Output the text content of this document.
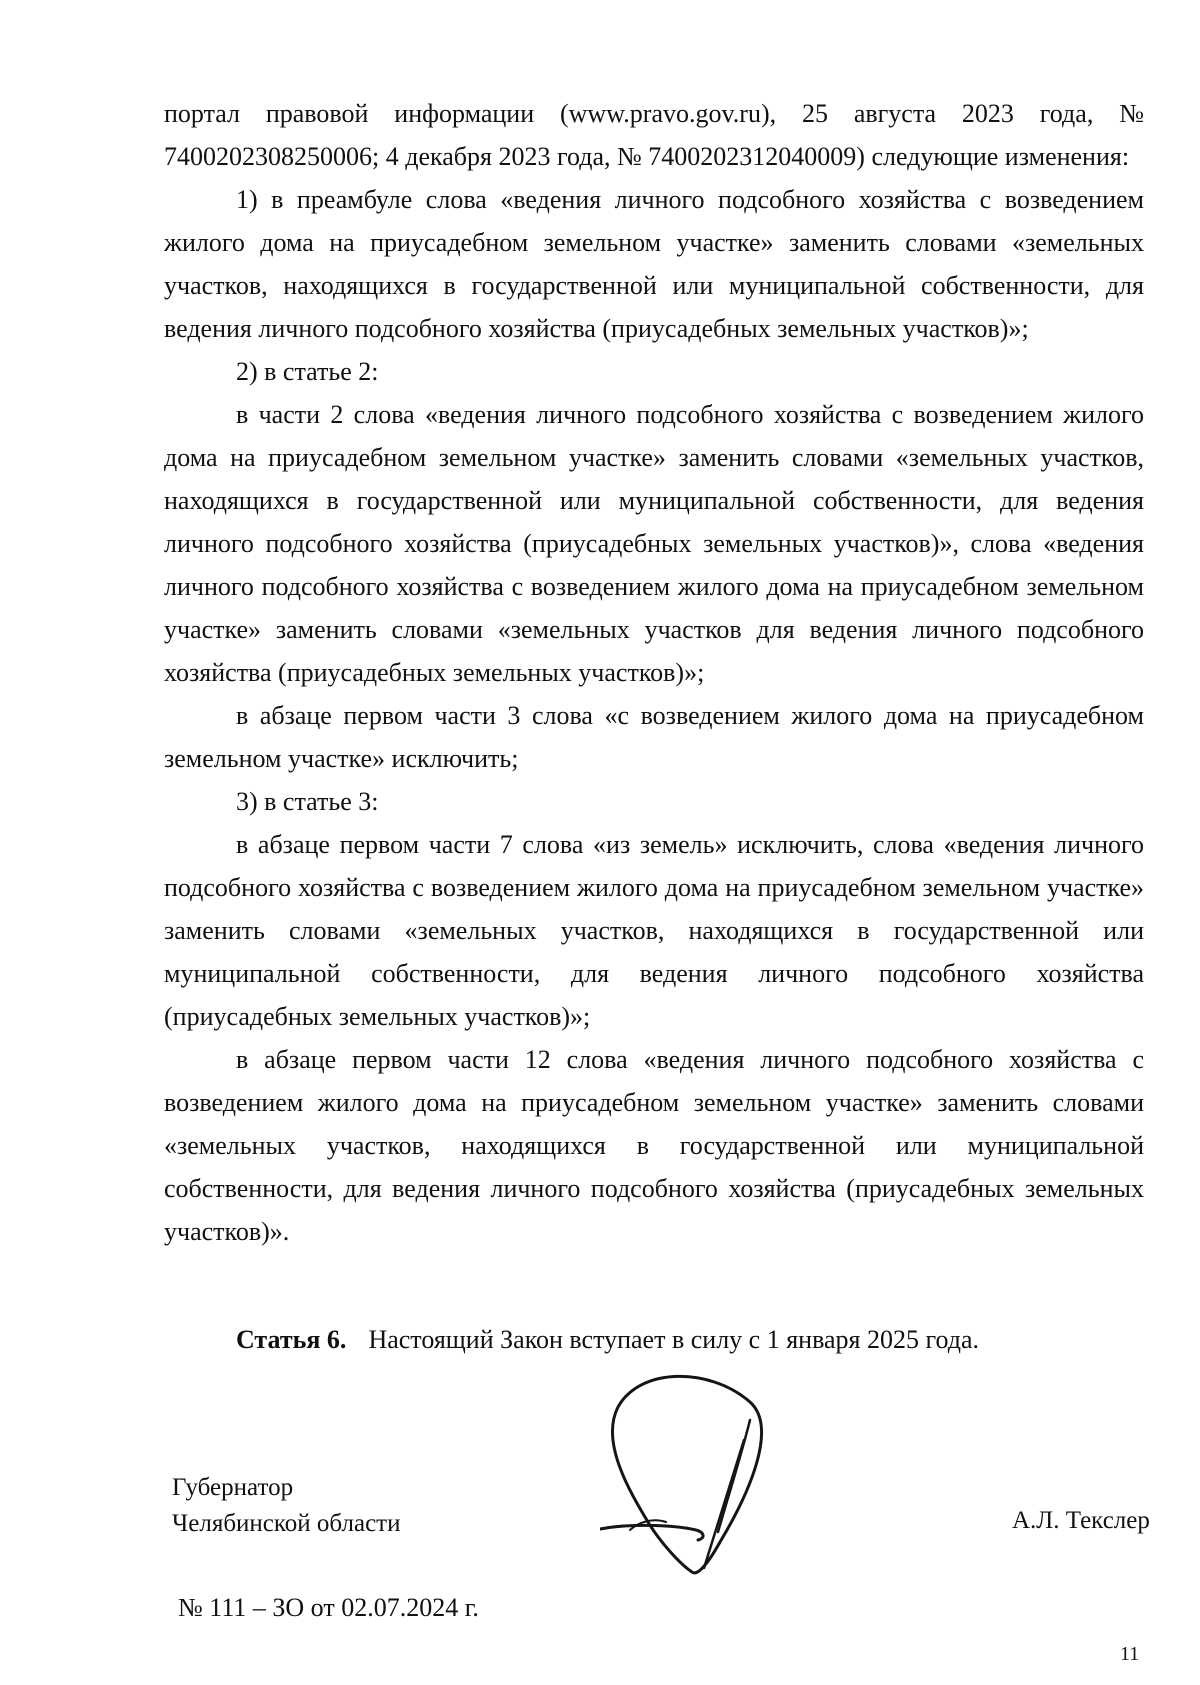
портал правовой информации (www.pravo.gov.ru), 25 августа 2023 года, № 7400202308250006; 4 декабря 2023 года, № 7400202312040009) следующие изменения:

1) в преамбуле слова «ведения личного подсобного хозяйства с возведением жилого дома на приусадебном земельном участке» заменить словами «земельных участков, находящихся в государственной или муниципальной собственности, для ведения личного подсобного хозяйства (приусадебных земельных участков)»;

2) в статье 2:

в части 2 слова «ведения личного подсобного хозяйства с возведением жилого дома на приусадебном земельном участке» заменить словами «земельных участков, находящихся в государственной или муниципальной собственности, для ведения личного подсобного хозяйства (приусадебных земельных участков)», слова «ведения личного подсобного хозяйства с возведением жилого дома на приусадебном земельном участке» заменить словами «земельных участков для ведения личного подсобного хозяйства (приусадебных земельных участков)»;

в абзаце первом части 3 слова «с возведением жилого дома на приусадебном земельном участке» исключить;

3) в статье 3:

в абзаце первом части 7 слова «из земель» исключить, слова «ведения личного подсобного хозяйства с возведением жилого дома на приусадебном земельном участке» заменить словами «земельных участков, находящихся в государственной или муниципальной собственности, для ведения личного подсобного хозяйства (приусадебных земельных участков)»;

в абзаце первом части 12 слова «ведения личного подсобного хозяйства с возведением жилого дома на приусадебном земельном участке» заменить словами «земельных участков, находящихся в государственной или муниципальной собственности, для ведения личного подсобного хозяйства (приусадебных земельных участков)».

Статья 6. Настоящий Закон вступает в силу с 1 января 2025 года.
Губернатор
Челябинской области	А.Л. Текслер
№ 111 – ЗО от 02.07.2024 г.
11
